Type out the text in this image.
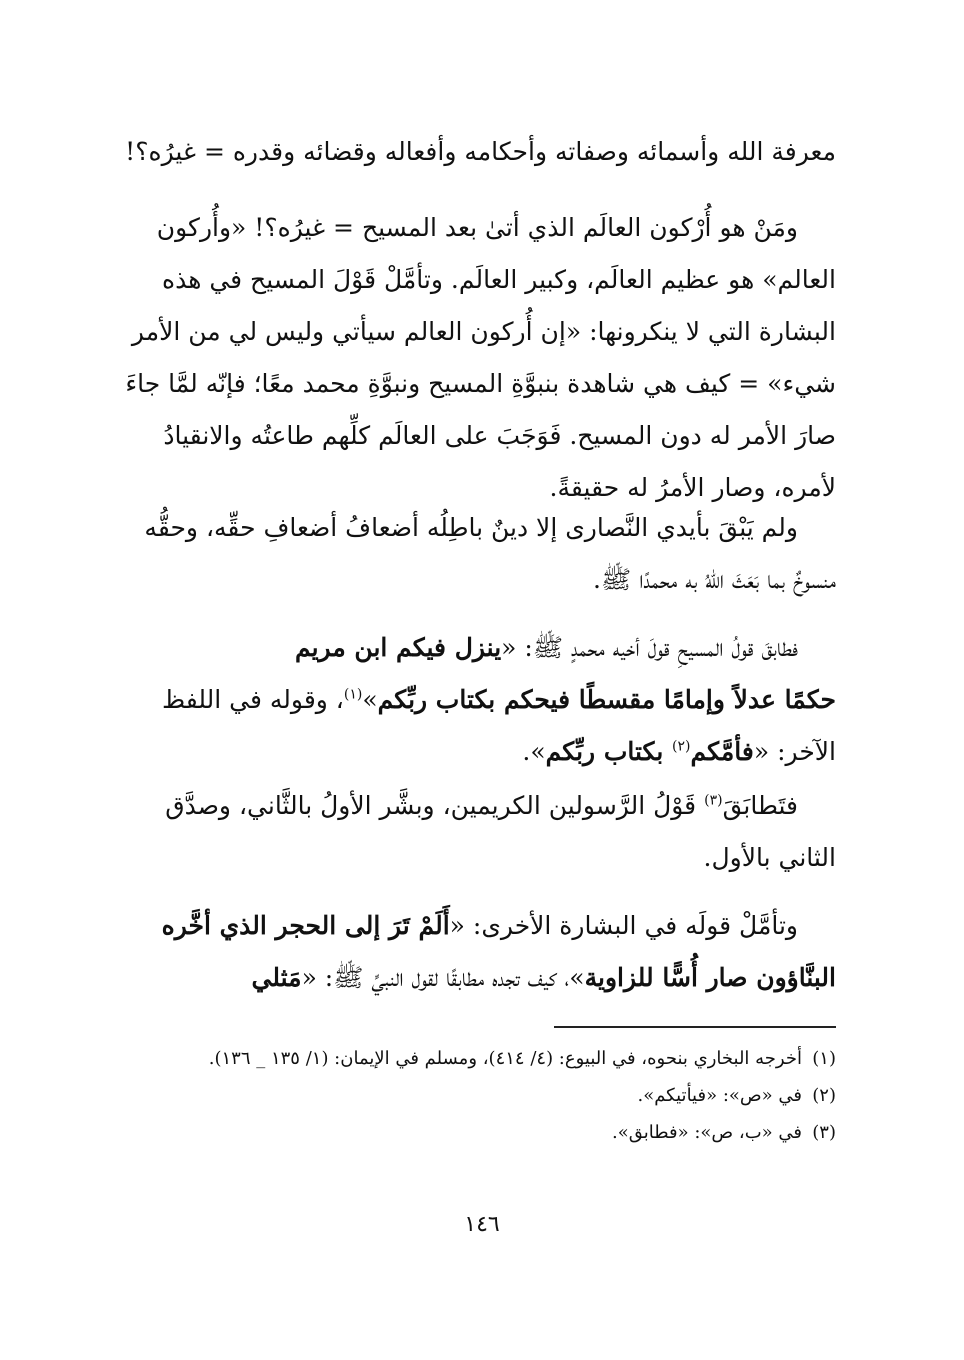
معرفة الله وأسمائه وصفاته وأحكامه وأفعاله وقضائه وقدره = غيرُه؟!
ومَنْ هو أُرْكون العالَم الذي أتىٰ بعد المسيح = غيرُه؟! «وأُركون
العالم» هو عظيم العالَم، وكبير العالَم. وتأمَّلْ قَوْلَ المسيح في هذه
البشارة التي لا ينكرونها: «إن أُركون العالم سيأتي وليس لي من الأمر
شيء» = كيف هي شاهدة بنبوَّةِ المسيح ونبوَّةِ محمد معًا؛ فإنّه لمَّا جاءَ
صارَ الأمر له دون المسيح. فَوَجَبَ على العالَم كلِّهم طاعتُه والانقيادُ
لأمره، وصار الأمرُ له حقيقةً.
ولم يَبْقَ بأيدي النَّصارى إلا دينٌ باطِلُه أضعافُ أضعافِ حقِّه، وحقُّه
منسوخٌ بما بَعَثَ اللهُ به محمدًا ﷺ.
فطابقَ قولُ المسيحِ قولَ أخيه محمدٍ ﷺ: «ينزل فيكم ابن مريم
حكمًا عدلاً وإمامًا مقسطًا فيحكم بكتاب ربِّكم»$^{(١)}$، وقوله في اللفظ
الآخر: «فأمَّكم$^{(٢)}$ بكتاب ربِّكم».
فتَطابَقَ$^{(٣)}$ قَوْلُ الرَّسولين الكريمين، وبشَّر الأولُ بالثَّاني، وصدَّق
الثاني بالأول.
وتأمَّلْ قولَه في البشارة الأخرى: «أَلَمْ تَرَ إلى الحجر الذي أخَّره
البنَّاؤون صار أُسًّا للزاوية»، كيف تجده مطابقًا لقول النبيِّ ﷺ: «مَثلي
(١)
أخرجه البخاري بنحوه، في البيوع: (٤/ ٤١٤)، ومسلم في الإيمان: (١/ ١٣٥ _ ١٣٦).
(٢)
في «ص»: «فيأتيكم».
(٣)
في «ب، ص»: «فطابق».
١٤٦
